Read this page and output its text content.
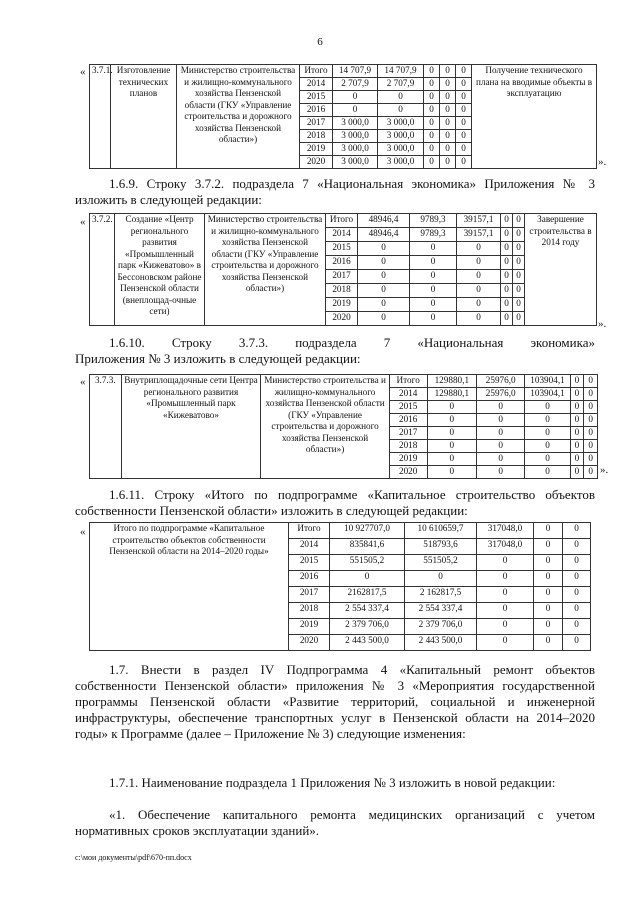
6
« 3.7.1.	Изготовление технических планов	Министерство строительства и жилищно-коммунального хозяйства Пензенской области (ГКУ «Управление строительства и дорожного хозяйства Пензенской области»)	Итого	14 707,9	14 707,9	0	0	0	Получение технического плана на вводимые объекты в эксплуатацию
			2014	2 707,9	2 707,9	0	0	0	
			2015	0	0	0	0	0	
			2016	0	0	0	0	0	
			2017	3 000,0	3 000,0	0	0	0	
			2018	3 000,0	3 000,0	0	0	0	
			2019	3 000,0	3 000,0	0	0	0	
			2020	3 000,0	3 000,0	0	0	0		».
1.6.9. Строку 3.7.2. подраздела 7 «Национальная экономика» Приложения № 3 изложить в следующей редакции:
« 3.7.2.	Создание «Центр регионального развития «Промышленный парк «Кижеватово» в Бессоновском районе Пензенской области (внеплощад-очные сети)	Министерство строительства и жилищно-коммунального хозяйства Пензенской области (ГКУ «Управление строительства и дорожного хозяйства Пензенской области»)	Итого	48946,4	9789,3	39157,1	0	0	Завершение строительства в 2014 году
			2014	48946,4	9789,3	39157,1	0	0	
			2015	0	0	0	0	0	
			2016	0	0	0	0	0	
			2017	0	0	0	0	0	
			2018	0	0	0	0	0	
			2019	0	0	0	0	0	
			2020	0	0	0	0	0	
».
1.6.10. Строку 3.7.3. подраздела 7 «Национальная экономика»
Приложения № 3 изложить в следующей редакции:
« 3.7.3.	Внутриплощадочные сети Центра регионального развития «Промышленный парк «Кижеватово»	Министерство строительства и жилищно-коммунального хозяйства Пензенской области (ГКУ «Управление строительства и дорожного хозяйства Пензенской области»)	Итого	129880,1	25976,0	103904,1	0	0
			2014	129880,1	25976,0	103904,1	0	0
			2015	0	0	0	0	0
			2016	0	0	0	0	0
			2017	0	0	0	0	0
			2018	0	0	0	0	0
			2019	0	0	0	0	0
			2020	0	0	0	0	0 ».
1.6.11. Строку «Итого по подпрограмме «Капитальное строительство объектов собственности Пензенской области» изложить в следующей редакции:
«	Итого по подпрограмме «Капитальное строительство объектов собственности Пензенской области на 2014–2020 годы»	Итого	10 927707,0	10 610659,7	317048,0	0	0
	2014	835841,6	518793,6	317048,0	0	0
	2015	551505,2	551505,2	0	0	0
	2016	0	0	0	0	0
	2017	2162817,5	2 162817,5	0	0	0
	2018	2 554 337,4	2 554 337,4	0	0	0
	2019	2 379 706,0	2 379 706,0	0	0	0
	2020	2 443 500,0	2 443 500,0	0	0	0
1.7. Внести в раздел IV Подпрограмма 4 «Капитальный ремонт объектов собственности Пензенской области» приложения № 3 «Мероприятия государственной программы Пензенской области «Развитие территорий, социальной и инженерной инфраструктуры, обеспечение транспортных услуг в Пензенской области на 2014–2020 годы» к Программе (далее – Приложение № 3) следующие изменения:
1.7.1. Наименование подраздела 1 Приложения № 3 изложить в новой редакции:
«1. Обеспечение капитального ремонта медицинских организаций с учетом нормативных сроков эксплуатации зданий».
c:\мои документы\pdf\670-пп.docx
